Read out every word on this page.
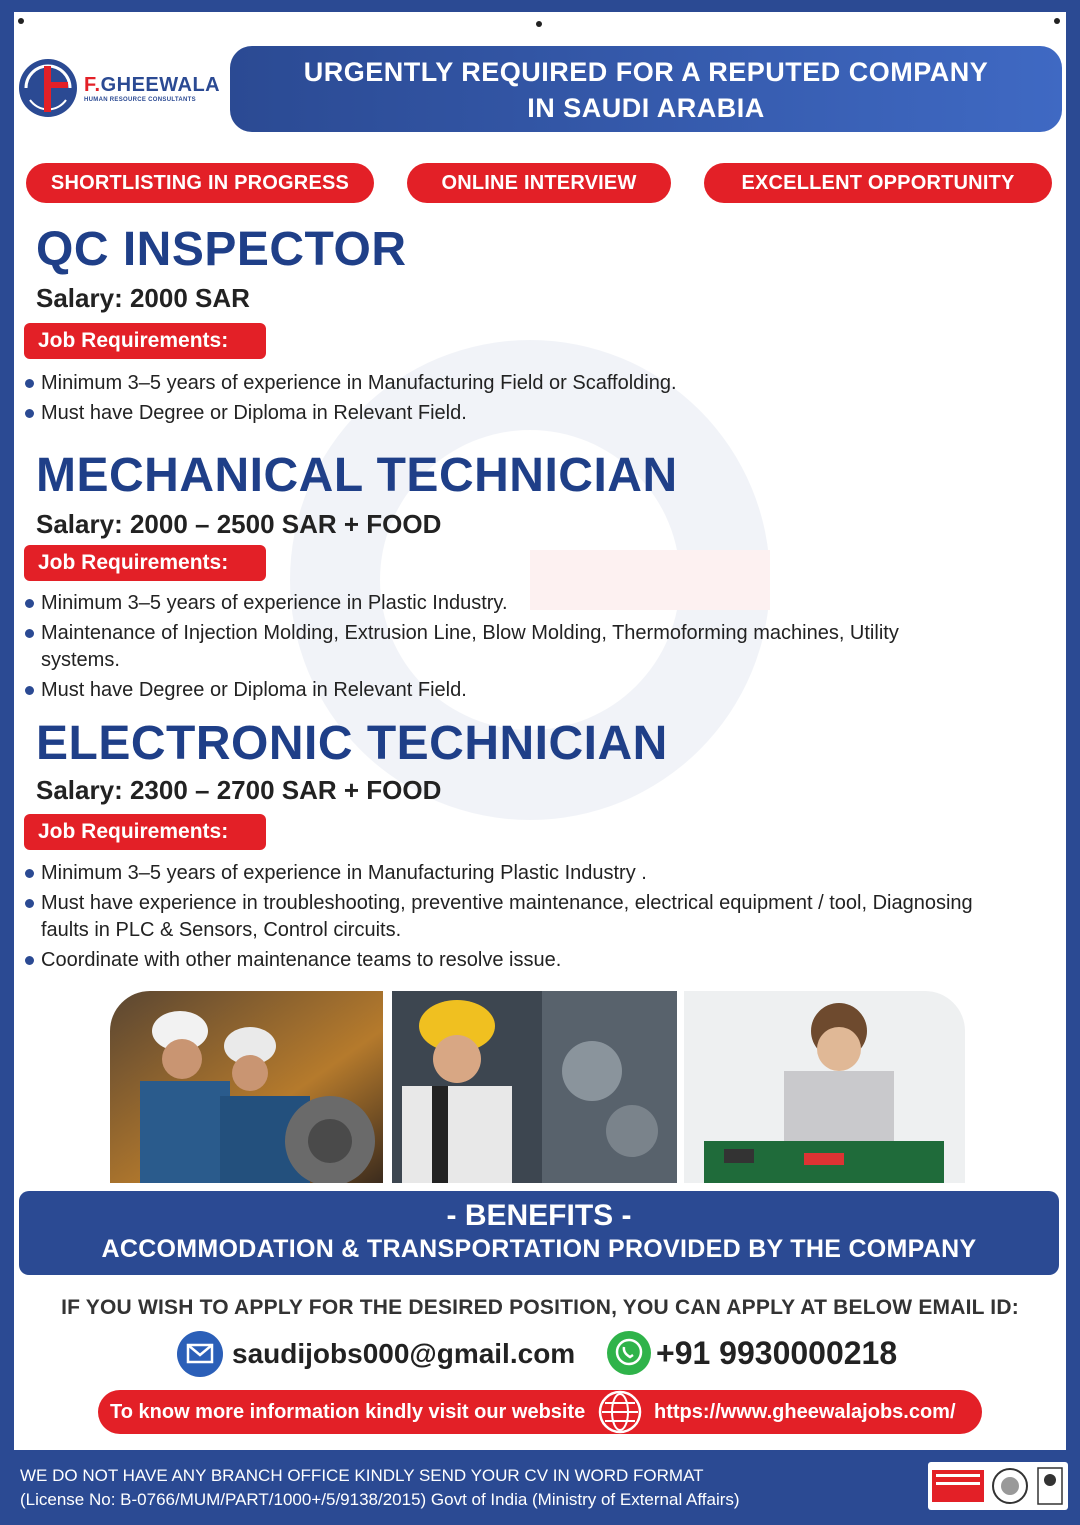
F.GHEEWALA
HUMAN RESOURCE CONSULTANTS
URGENTLY REQUIRED FOR A REPUTED COMPANY
IN SAUDI ARABIA
SHORTLISTING IN PROGRESS	ONLINE INTERVIEW	EXCELLENT OPPORTUNITY
QC INSPECTOR
Salary: 2000 SAR
Job Requirements:
Minimum 3–5 years of experience in Manufacturing Field or Scaffolding.
Must have Degree or Diploma in Relevant Field.
MECHANICAL TECHNICIAN
Salary: 2000 – 2500 SAR + FOOD
Job Requirements:
Minimum 3–5 years of experience in Plastic Industry.
Maintenance of Injection Molding, Extrusion Line, Blow Molding, Thermoforming machines, Utility systems.
Must have Degree or Diploma in Relevant Field.
ELECTRONIC TECHNICIAN
Salary: 2300 – 2700 SAR + FOOD
Job Requirements:
Minimum 3–5 years of experience in Manufacturing Plastic Industry .
Must have experience in troubleshooting, preventive maintenance, electrical equipment / tool, Diagnosing faults in PLC & Sensors, Control circuits.
Coordinate with other maintenance teams to resolve issue.
- BENEFITS -
ACCOMMODATION & TRANSPORTATION PROVIDED BY THE COMPANY
IF YOU WISH TO APPLY FOR THE DESIRED POSITION, YOU CAN APPLY AT BELOW EMAIL ID:
saudijobs000@gmail.com	+91 9930000218
To know more information kindly visit our website	https://www.gheewalajobs.com/
WE DO NOT HAVE ANY BRANCH OFFICE KINDLY SEND YOUR CV IN WORD FORMAT
(License No: B-0766/MUM/PART/1000+/5/9138/2015) Govt of India (Ministry of External Affairs)
